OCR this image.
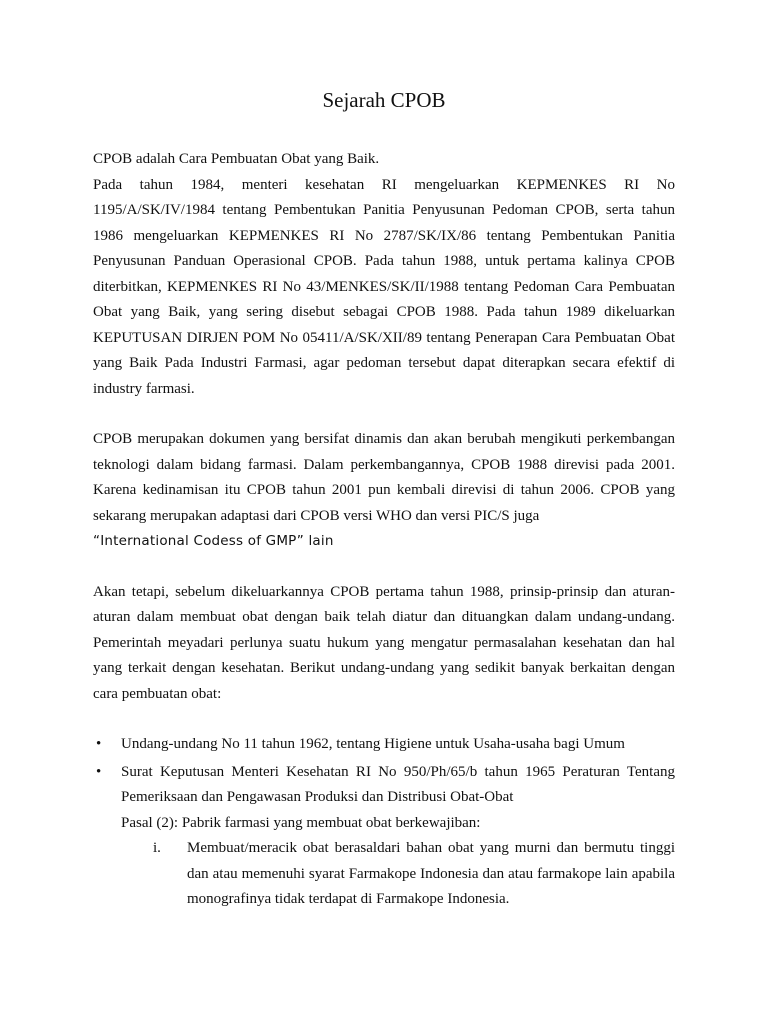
Sejarah CPOB

CPOB adalah Cara Pembuatan Obat yang Baik.

Pada tahun 1984, menteri kesehatan RI mengeluarkan KEPMENKES RI No 1195/A/SK/IV/1984 tentang Pembentukan Panitia Penyusunan Pedoman CPOB, serta tahun 1986 mengeluarkan KEPMENKES RI No 2787/SK/IX/86 tentang Pembentukan Panitia Penyusunan Panduan Operasional CPOB. Pada tahun 1988, untuk pertama kalinya CPOB diterbitkan, KEPMENKES RI No 43/MENKES/SK/II/1988 tentang Pedoman Cara Pembuatan Obat yang Baik, yang sering disebut sebagai CPOB 1988. Pada tahun 1989 dikeluarkan KEPUTUSAN DIRJEN POM No 05411/A/SK/XII/89 tentang Penerapan Cara Pembuatan Obat yang Baik Pada Industri Farmasi, agar pedoman tersebut dapat diterapkan secara efektif di industry farmasi.

CPOB merupakan dokumen yang bersifat dinamis dan akan berubah mengikuti perkembangan teknologi dalam bidang farmasi. Dalam perkembangannya, CPOB 1988 direvisi pada 2001. Karena kedinamisan itu CPOB tahun 2001 pun kembali direvisi di tahun 2006. CPOB yang sekarang merupakan adaptasi dari CPOB versi WHO dan versi PIC/S juga
“International Codess of GMP” lain

Akan tetapi, sebelum dikeluarkannya CPOB pertama tahun 1988, prinsip-prinsip dan aturan-aturan dalam membuat obat dengan baik telah diatur dan dituangkan dalam undang-undang. Pemerintah meyadari perlunya suatu hukum yang mengatur permasalahan kesehatan dan hal yang terkait dengan kesehatan. Berikut undang-undang yang sedikit banyak berkaitan dengan cara pembuatan obat:

• Undang-undang No 11 tahun 1962, tentang Higiene untuk Usaha-usaha bagi Umum
• Surat Keputusan Menteri Kesehatan RI No 950/Ph/65/b tahun 1965 Peraturan Tentang Pemeriksaan dan Pengawasan Produksi dan Distribusi Obat-Obat
Pasal (2): Pabrik farmasi yang membuat obat berkewajiban:
i. Membuat/meracik obat berasaldari bahan obat yang murni dan bermutu tinggi dan atau memenuhi syarat Farmakope Indonesia dan atau farmakope lain apabila monografinya tidak terdapat di Farmakope Indonesia.
